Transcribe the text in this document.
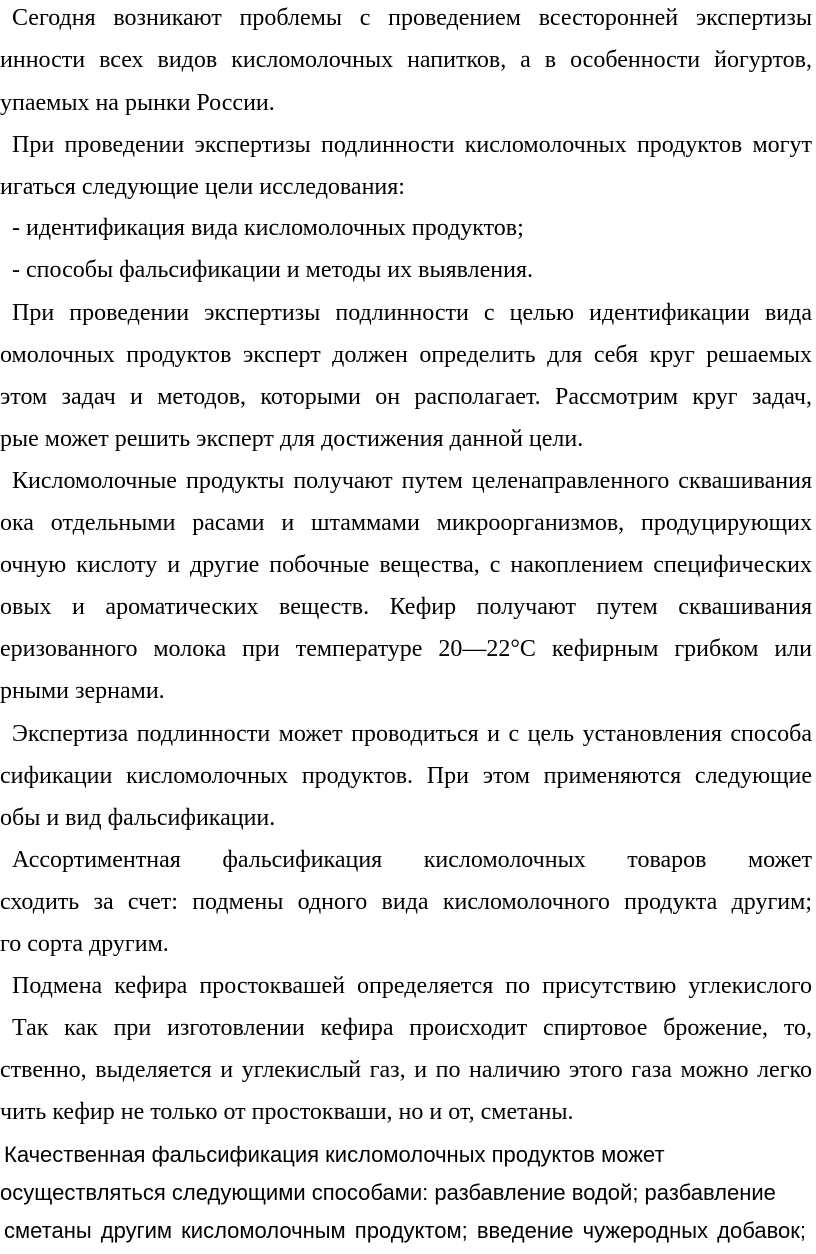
Сегодня возникают проблемы с проведением всесторонней экспертизы
инности всех видов кисломолочных напитков, а в особенности йогуртов,
упаемых на рынки России.
При проведении экспертизы подлинности кисломолочных продуктов могут
игаться следующие цели исследования:
- идентификация вида кисломолочных продуктов;
- способы фальсификации и методы их выявления.
При проведении экспертизы подлинности с целью идентификации вида
омолочных продуктов эксперт должен определить для себя круг решаемых
этом задач и методов, которыми он располагает. Рассмотрим круг задач,
рые может решить эксперт для достижения данной цели.
Кисломолочные продукты получают путем целенаправленного сквашивания
ока отдельными расами и штаммами микроорганизмов, продуцирующих
очную кислоту и другие побочные вещества, с накоплением специфических
овых и ароматических веществ. Кефир получают путем сквашивания
еризованного молока при температуре 20—22°С кефирным грибком или
рными зернами.
Экспертиза подлинности может проводиться и с цель установления способа
сификации кисломолочных продуктов. При этом применяются следующие
обы и вид фальсификации.
Ассортиментная фальсификация кисломолочных товаров может
сходить за счет: подмены одного вида кисломолочного продукта другим;
го сорта другим.
Подмена кефира простоквашей определяется по присутствию углекислого
Так как при изготовлении кефира происходит спиртовое брожение, то,
ственно, выделяется и углекислый газ, и по наличию этого газа можно легко
чить кефир не только от простокваши, но и от, сметаны.
Качественная фальсификация кисломолочных продуктов может
осуществляться следующими способами: разбавление водой; разбавление
сметаны другим кисломолочным продуктом; введение чужеродных добавок;
